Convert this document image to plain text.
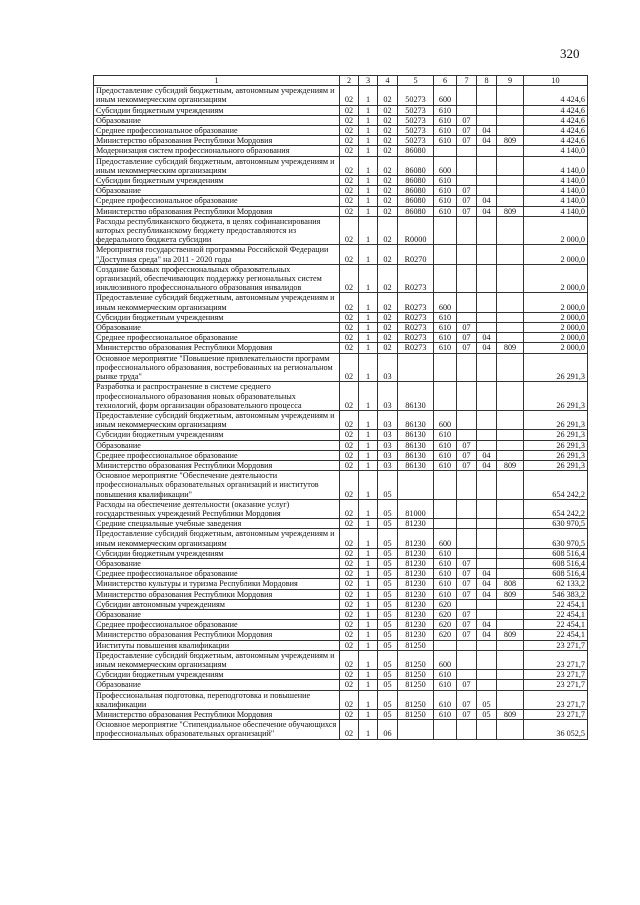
320
1	2	3	4	5	6	7	8	9	10
Предоставление субсидий бюджетным, автономным учреждениям и иным некоммерческим организациям	02	1	02	50273	600				4 424,6
Субсидии бюджетным учреждениям	02	1	02	50273	610				4 424,6
Образование	02	1	02	50273	610	07			4 424,6
Среднее профессиональное образование	02	1	02	50273	610	07	04		4 424,6
Министерство образования Республики Мордовия	02	1	02	50273	610	07	04	809	4 424,6
Модернизация систем профессионального образования	02	1	02	86080					4 140,0
Предоставление субсидий бюджетным, автономным учреждениям и иным некоммерческим организациям	02	1	02	86080	600				4 140,0
Субсидии бюджетным учреждениям	02	1	02	86080	610				4 140,0
Образование	02	1	02	86080	610	07			4 140,0
Среднее профессиональное образование	02	1	02	86080	610	07	04		4 140,0
Министерство образования Республики Мордовия	02	1	02	86080	610	07	04	809	4 140,0
Расходы республиканского бюджета, в целях софинансирования которых республиканскому бюджету предоставляются из федерального бюджета субсидии	02	1	02	R0000					2 000,0
Мероприятия государственной программы Российской Федерации "Доступная среда" на 2011 - 2020 годы	02	1	02	R0270					2 000,0
Создание базовых профессиональных образовательных организаций, обеспечивающих поддержку региональных систем инклюзивного профессионального образования инвалидов	02	1	02	R0273					2 000,0
Предоставление субсидий бюджетным, автономным учреждениям и иным некоммерческим организациям	02	1	02	R0273	600				2 000,0
Субсидии бюджетным учреждениям	02	1	02	R0273	610				2 000,0
Образование	02	1	02	R0273	610	07			2 000,0
Среднее профессиональное образование	02	1	02	R0273	610	07	04		2 000,0
Министерство образования Республики Мордовия	02	1	02	R0273	610	07	04	809	2 000,0
Основное мероприятие "Повышение привлекательности программ профессионального образования, востребованных на региональном рынке труда"	02	1	03						26 291,3
Разработка и распространение в системе среднего профессионального образования новых образовательных технологий, форм организации образовательного процесса	02	1	03	86130					26 291,3
Предоставление субсидий бюджетным, автономным учреждениям и иным некоммерческим организациям	02	1	03	86130	600				26 291,3
Субсидии бюджетным учреждениям	02	1	03	86130	610				26 291,3
Образование	02	1	03	86130	610	07			26 291,3
Среднее профессиональное образование	02	1	03	86130	610	07	04		26 291,3
Министерство образования Республики Мордовия	02	1	03	86130	610	07	04	809	26 291,3
Основное мероприятие "Обеспечение деятельности профессиональных образовательных организаций и институтов повышения квалификации"	02	1	05						654 242,2
Расходы на обеспечение деятельности (оказание услуг) государственных учреждений Республики Мордовия	02	1	05	81000					654 242,2
Средние специальные учебные заведения	02	1	05	81230					630 970,5
Предоставление субсидий бюджетным, автономным учреждениям и иным некоммерческим организациям	02	1	05	81230	600				630 970,5
Субсидии бюджетным учреждениям	02	1	05	81230	610				608 516,4
Образование	02	1	05	81230	610	07			608 516,4
Среднее профессиональное образование	02	1	05	81230	610	07	04		608 516,4
Министерство культуры и туризма Республики Мордовия	02	1	05	81230	610	07	04	808	62 133,2
Министерство образования Республики Мордовия	02	1	05	81230	610	07	04	809	546 383,2
Субсидии автономным учреждениям	02	1	05	81230	620				22 454,1
Образование	02	1	05	81230	620	07			22 454,1
Среднее профессиональное образование	02	1	05	81230	620	07	04		22 454,1
Министерство образования Республики Мордовия	02	1	05	81230	620	07	04	809	22 454,1
Институты повышения квалификации	02	1	05	81250					23 271,7
Предоставление субсидий бюджетным, автономным учреждениям и иным некоммерческим организациям	02	1	05	81250	600				23 271,7
Субсидии бюджетным учреждениям	02	1	05	81250	610				23 271,7
Образование	02	1	05	81250	610	07			23 271,7
Профессиональная подготовка, переподготовка и повышение квалификации	02	1	05	81250	610	07	05		23 271,7
Министерство образования Республики Мордовия	02	1	05	81250	610	07	05	809	23 271,7
Основное мероприятие "Стипендиальное обеспечение обучающихся профессиональных образовательных организаций"	02	1	06						36 052,5
